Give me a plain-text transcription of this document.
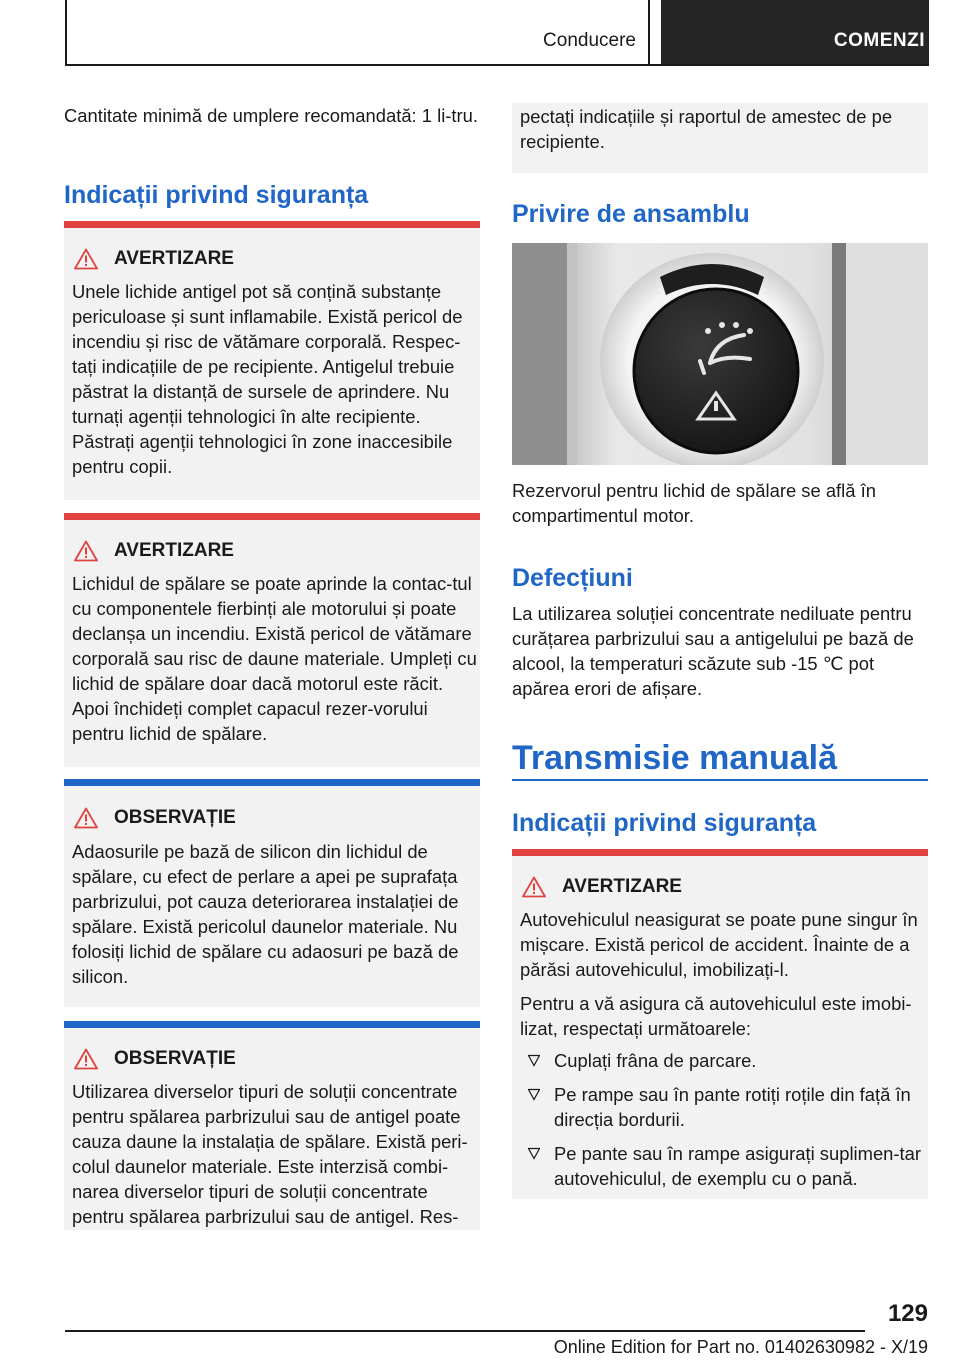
Conducere	COMENZI
Cantitate minimă de umplere recomandată: 1 li‐tru.
Indicații privind siguranța
AVERTIZARE
Unele lichide antigel pot să conțină substanțe periculoase și sunt inflamabile. Există pericol de incendiu și risc de vătămare corporală. Respec‐tați indicațiile de pe recipiente. Antigelul trebuie păstrat la distanță de sursele de aprindere. Nu turnați agenții tehnologici în alte recipiente. Păstrați agenții tehnologici în zone inaccesibile pentru copii.
AVERTIZARE
Lichidul de spălare se poate aprinde la contac‐tul cu componentele fierbinți ale motorului și poate declanșa un incendiu. Există pericol de vătămare corporală sau risc de daune materiale. Umpleți cu lichid de spălare doar dacă motorul este răcit. Apoi închideți complet capacul rezer‐vorului pentru lichid de spălare.
OBSERVAȚIE
Adaosurile pe bază de silicon din lichidul de spălare, cu efect de perlare a apei pe suprafața parbrizului, pot cauza deteriorarea instalației de spălare. Există pericolul daunelor materiale. Nu folosiți lichid de spălare cu adaosuri pe bază de silicon.
OBSERVAȚIE
Utilizarea diverselor tipuri de soluții concentrate pentru spălarea parbrizului sau de antigel poate cauza daune la instalația de spălare. Există peri‐colul daunelor materiale. Este interzisă combi‐narea diverselor tipuri de soluții concentrate pentru spălarea parbrizului sau de antigel. Res‐
pectați indicațiile și raportul de amestec de pe recipiente.
Privire de ansamblu
Rezervorul pentru lichid de spălare se află în compartimentul motor.
Defecțiuni
La utilizarea soluției concentrate nediluate pentru curățarea parbrizului sau a antigelului pe bază de alcool, la temperaturi scăzute sub -15 ℃ pot apărea erori de afișare.
Transmisie manuală
Indicații privind siguranța
AVERTIZARE
Autovehiculul neasigurat se poate pune singur în mișcare. Există pericol de accident. Înainte de a părăsi autovehiculul, imobilizați-l.
Pentru a vă asigura că autovehiculul este imobi‐lizat, respectați următoarele:
Cuplați frâna de parcare.
Pe rampe sau în pante rotiți roțile din față în direcția bordurii.
Pe pante sau în rampe asigurați suplimen‐tar autovehiculul, de exemplu cu o pană.
129
Online Edition for Part no. 01402630982 - X/19
